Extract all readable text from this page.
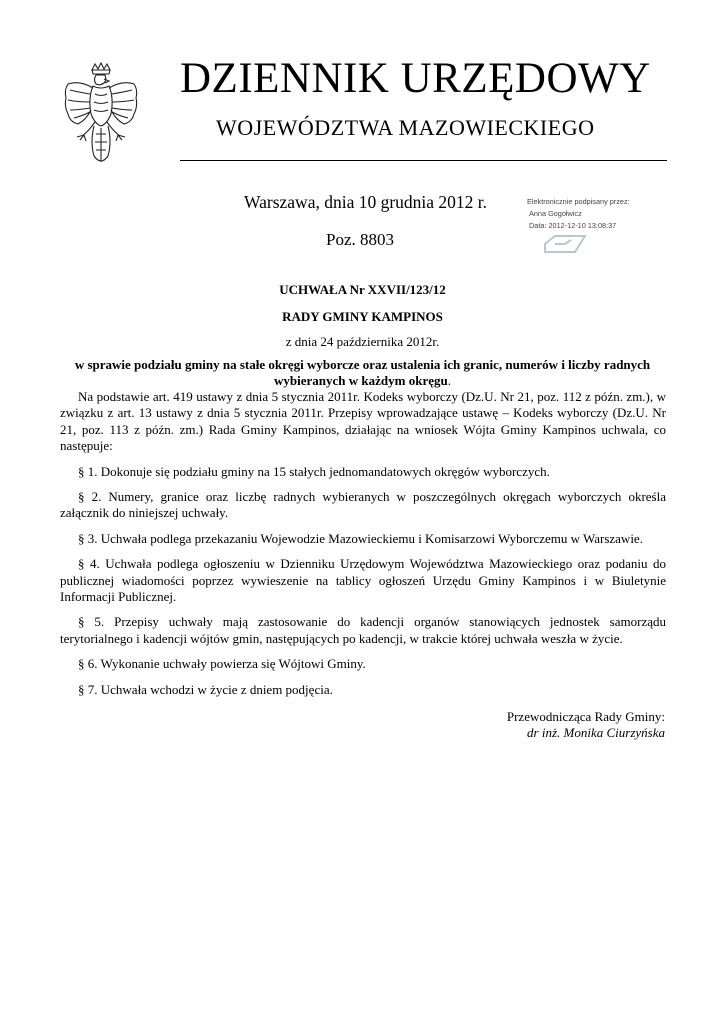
DZIENNIK URZĘDOWY
WOJEWÓDZTWA MAZOWIECKIEGO
Warszawa, dnia 10 grudnia 2012 r.
Poz. 8803
Elektronicznie podpisany przez:
Anna Gogołwicz
Data: 2012-12-10 13:08:37
UCHWAŁA Nr XXVII/123/12
RADY GMINY KAMPINOS
z dnia 24 października 2012r.
w sprawie podziału gminy na stałe okręgi wyborcze oraz ustalenia ich granic, numerów i liczby radnych wybieranych w każdym okręgu.

Na podstawie art. 419 ustawy z dnia 5 stycznia 2011r. Kodeks wyborczy (Dz.U. Nr 21, poz. 112 z późn. zm.), w związku z art. 13 ustawy z dnia 5 stycznia 2011r. Przepisy wprowadzające ustawę – Kodeks wyborczy (Dz.U. Nr 21, poz. 113 z późn. zm.) Rada Gminy Kampinos, działając na wniosek Wójta Gminy Kampinos uchwala, co następuje:

§ 1. Dokonuje się podziału gminy na 15 stałych jednomandatowych okręgów wyborczych.

§ 2. Numery, granice oraz liczbę radnych wybieranych w poszczególnych okręgach wyborczych określa załącznik do niniejszej uchwały.

§ 3. Uchwała podlega przekazaniu Wojewodzie Mazowieckiemu i Komisarzowi Wyborczemu w Warszawie.

§ 4. Uchwała podlega ogłoszeniu w Dzienniku Urzędowym Województwa Mazowieckiego oraz podaniu do publicznej wiadomości poprzez wywieszenie na tablicy ogłoszeń Urzędu Gminy Kampinos i w Biuletynie Informacji Publicznej.

§ 5. Przepisy uchwały mają zastosowanie do kadencji organów stanowiących jednostek samorządu terytorialnego i kadencji wójtów gmin, następujących po kadencji, w trakcie której uchwała weszła w życie.

§ 6. Wykonanie uchwały powierza się Wójtowi Gminy.

§ 7. Uchwała wchodzi w życie z dniem podjęcia.

Przewodnicząca Rady Gminy:
dr inż. Monika Ciurzyńska
